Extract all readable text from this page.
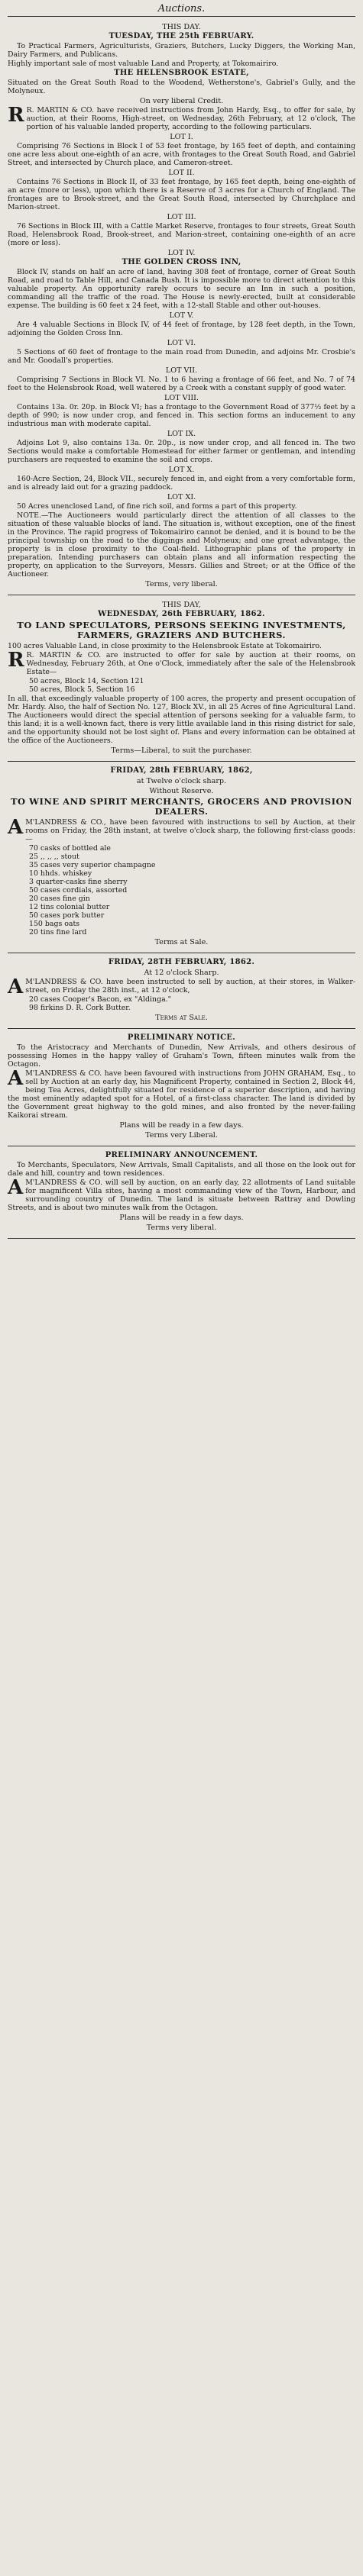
Auctions.
THIS DAY.
TUESDAY, THE 25th FEBRUARY.
To Practical Farmers, Agriculturists, Graziers, Butchers, Lucky Diggers, the Working Man, Dairy Farmers, and Publicans.
Highly important sale of most valuable Land and Property, at Tokomairiro.
THE HELENSBROOK ESTATE,
Situated on the Great South Road to the Woodend, Wetherstone's, Gabriel's Gully, and the Molyneux.
On very liberal Credit.
R R. MARTIN & CO. have received instructions from John Hardy, Esq., to offer for sale, by auction, at their Rooms, High-street, on Wednesday, 26th February, at 12 o'clock, The portion of his valuable landed property, according to the following particulars.
LOT I.
Comprising 76 Sections in Block I of 53 feet frontage, by 165 feet of depth, and containing one acre less about one-eighth of an acre, with frontages to the Great South Road, and Gabriel Street, and intersected by Church place, and Cameron-street.
LOT II.
Contains 76 Sections in Block II, of 33 feet frontage, by 165 feet depth, being one-eighth of an acre (more or less), upon which there is a Reserve of 3 acres for a Church of England. The frontages are to Brook-street, and the Great South Road, intersected by Churchplace and Marion-street.
LOT III.
76 Sections in Block III, with a Cattle Market Reserve, frontages to four streets, Great South Road, Helensbrook Road, Brook-street, and Marion-street, containing one-eighth of an acre (more or less).
LOT IV.
THE GOLDEN CROSS INN,
Block IV, stands on half an acre of land, having 308 feet of frontage, corner of Great South Road, and road to Table Hill, and Canada Bush. It is impossible more to direct attention to this valuable property. An opportunity rarely occurs to secure an Inn in such a position, commanding all the traffic of the road. The House is newly-erected, built at considerable expense. The building is 60 feet x 24 feet, with a 12-stall Stable and other out-houses.
LOT V.
Are 4 valuable Sections in Block IV, of 44 feet of frontage, by 128 feet depth, in the Town, adjoining the Golden Cross Inn.
LOT VI.
5 Sections of 60 feet of frontage to the main road from Dunedin, and adjoins Mr. Crosbie's and Mr. Goodall's properties.
LOT VII.
Comprising 7 Sections in Block VI. No. 1 to 6 having a frontage of 66 feet, and No. 7 of 74 feet to the Helensbrook Road, well watered by a Creek with a constant supply of good water.
LOT VIII.
Contains 13a. 0r. 20p. in Block VI; has a frontage to the Government Road of 377½ feet by a depth of 990; is now under crop, and fenced in. This section forms an inducement to any industrious man with moderate capital.
LOT IX.
Adjoins Lot 9, also contains 13a. 0r. 20p., is now under crop, and all fenced in. The two Sections would make a comfortable Homestead for either farmer or gentleman, and intending purchasers are requested to examine the soil and crops.
LOT X.
160-Acre Section, 24, Block VII., securely fenced in, and eight from a very comfortable form, and is already laid out for a grazing paddock.
LOT XI.
50 Acres unenclosed Land, of fine rich soil, and forms a part of this property.
NOTE.—The Auctioneers would particularly direct the attention of all classes to the situation of these valuable blocks of land. The situation is, without exception, one of the finest in the Province. The rapid progress of Tokomairiro cannot be denied, and it is bound to be the principal township on the road to the diggings and Molyneux; and one great advantage, the property is in close proximity to the Coal-field. Lithographic plans of the property in preparation. Intending purchasers can obtain plans and all information respecting the property, on application to the Surveyors, Messrs. Gillies and Street; or at the Office of the Auctioneer.
Terms, very liberal.
THIS DAY,
WEDNESDAY, 26th FEBRUARY, 1862.
TO LAND SPECULATORS, PERSONS SEEKING INVESTMENTS, FARMERS, GRAZIERS AND BUTCHERS.
100 acres Valuable Land, in close proximity to the Helensbrook Estate at Tokomairiro.
R R. MARTIN & CO. are instructed to offer for sale by auction at their rooms, on Wednesday, February 26th, at One o'Clock, immediately after the sale of the Helensbrook Estate—
50 acres, Block 14, Section 121
50 acres, Block 5, Section 16
In all, that exceedingly valuable property of 100 acres, the property and present occupation of Mr. Hardy. Also, the half of Section No. 127, Block XV., in all 25 Acres of fine Agricultural Land. The Auctioneers would direct the special attention of persons seeking for a valuable farm, to this land; it is a well-known fact, there is very little available land in this rising district for sale, and the opportunity should not be lost sight of. Plans and every information can be obtained at the office of the Auctioneers.
Terms—Liberal, to suit the purchaser.
FRIDAY, 28th FEBRUARY, 1862,
at Twelve o'clock sharp.
Without Reserve.
TO WINE AND SPIRIT MERCHANTS, GROCERS AND PROVISION DEALERS.
A M'LANDRESS & CO., have been favoured with instructions to sell by Auction, at their rooms on Friday, the 28th instant, at twelve o'clock sharp, the following first-class goods:—
70 casks of bottled ale
25 ,, ,, ,, stout
35 cases very superior champagne
10 hhds. whiskey
3 quarter-casks fine sherry
50 cases cordials, assorted
20 cases fine gin
12 tins colonial butter
50 cases pork butter
150 bags oats
20 tins fine lard
Terms at Sale.
FRIDAY, 28TH FEBRUARY, 1862.
At 12 o'clock Sharp.
A M'LANDRESS & CO. have been instructed to sell by auction, at their stores, in Walker-street, on Friday the 28th inst., at 12 o'clock,
20 cases Cooper's Bacon, ex "Aldinga."
98 firkins D. R. Cork Butter.
Terms at Sale.
PRELIMINARY NOTICE.
To the Aristocracy and Merchants of Dunedin, New Arrivals, and others desirous of possessing Homes in the happy valley of Graham's Town, fifteen minutes walk from the Octagon.
A M'LANDRESS & CO. have been favoured with instructions from JOHN GRAHAM, Esq., to sell by Auction at an early day, his Magnificent Property, contained in Section 2, Block 44, being Tea Acres, delightfully situated for residence of a superior description, and having the most eminently adapted spot for a Hotel, of a first-class character. The land is divided by the Government great highway to the gold mines, and also fronted by the never-failing Kaikorai stream.
Plans will be ready in a few days.
Terms very Liberal.
PRELIMINARY ANNOUNCEMENT.
To Merchants, Speculators, New Arrivals, Small Capitalists, and all those on the look out for dale and hill, country and town residences.
A M'LANDRESS & CO. will sell by auction, on an early day, 22 allotments of Land suitable for magnificent Villa sites, having a most commanding view of the Town, Harbour, and surrounding country of Dunedin. The land is situate between Rattray and Dowling Streets, and is about two minutes walk from the Octagon.
Plans will be ready in a few days.
Terms very liberal.
